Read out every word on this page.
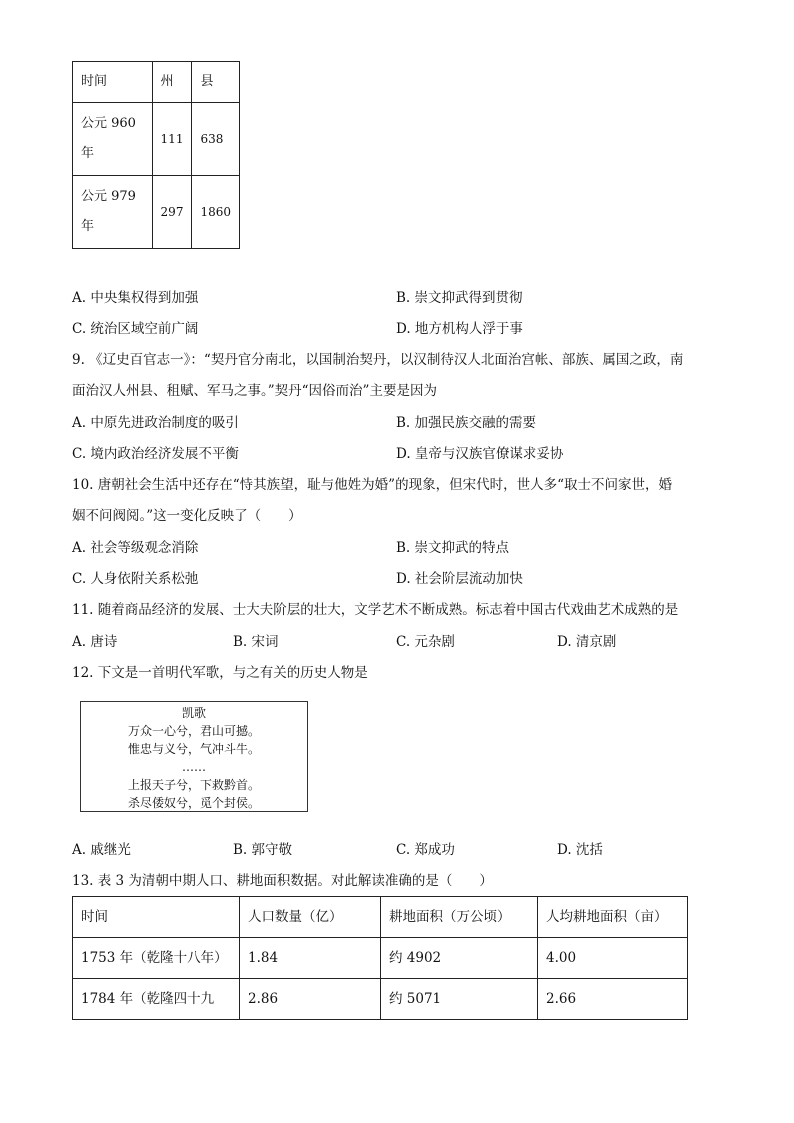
时间	州	县
公元 960 年	111	638
公元 979 年	297	1860
A. 中央集权得到加强	B. 崇文抑武得到贯彻
C. 统治区域空前广阔	D. 地方机构人浮于事
9. 《辽史百官志一》：“契丹官分南北，以国制治契丹，以汉制待汉人北面治宫帐、部族、属国之政，南
面治汉人州县、租赋、军马之事。”契丹“因俗而治”主要是因为
A. 中原先进政治制度的吸引	B. 加强民族交融的需要
C. 境内政治经济发展不平衡	D. 皇帝与汉族官僚谋求妥协
10. 唐朝社会生活中还存在“恃其族望，耻与他姓为婚”的现象，但宋代时，世人多“取士不问家世，婚
姻不问阀阅。”这一变化反映了（　　）
A. 社会等级观念消除	B. 崇文抑武的特点
C. 人身依附关系松弛	D. 社会阶层流动加快
11. 随着商品经济的发展、士大夫阶层的壮大，文学艺术不断成熟。标志着中国古代戏曲艺术成熟的是
A. 唐诗	B. 宋词	C. 元杂剧	D. 清京剧
12. 下文是一首明代军歌，与之有关的历史人物是
凯歌
万众一心兮，君山可撼。
惟忠与义兮，气冲斗牛。
……
上报天子兮，下救黔首。
杀尽倭奴兮，觅个封侯。
A. 戚继光	B. 郭守敬	C. 郑成功	D. 沈括
13. 表 3 为清朝中期人口、耕地面积数据。对此解读准确的是（　　）
时间	人口数量（亿）	耕地面积（万公顷）	人均耕地面积（亩）
1753 年（乾隆十八年）	1.84	约 4902	4.00
1784 年（乾隆四十九	2.86	约 5071	2.66
